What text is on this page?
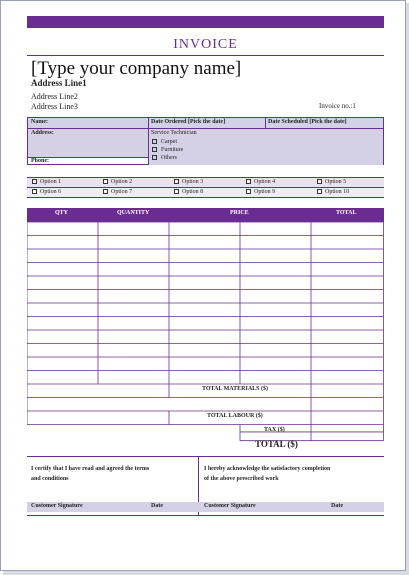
INVOICE
[Type your company name]
Address Line1
Address Line2
Address Line3	Invoice no.:1
Name:	Date Ordered [Pick the date]	Date Scheduled [Pick the date]
Address:
Phone:
Service Technician
Carpet
Furniture
Others
Option 1	Option 2	Option 3	Option 4	Option 5
Option 6	Option 7	Option 8	Option 9	Option 10
QTY	QUANTITY	PRICE	TOTAL
TOTAL MATERIALS ($)
TOTAL LABOUR ($)
TAX ($)
TOTAL ($)
I certify that I have read and agreed the terms
and conditions
I hereby acknowledge the satisfactory completion
of the above prescribed work
Customer Signature	Date	Customer Signature	Date
